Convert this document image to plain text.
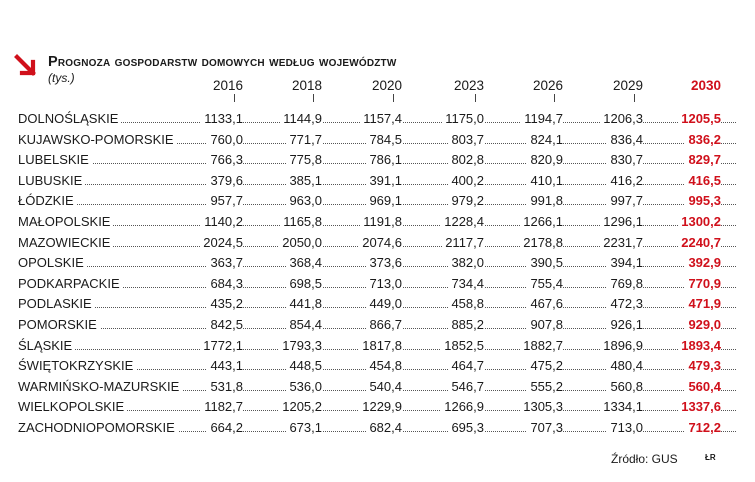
Prognoza gospodarstw domowych według województw
(tys.)	2016	2018	2020	2023	2026	2029	2030
DOLNOŚLĄSKIE	1133,1	1144,9	1157,4	1175,0	1194,7	1206,3	1205,5
KUJAWSKO-POMORSKIE	760,0	771,7	784,5	803,7	824,1	836,4	836,2
LUBELSKIE	766,3	775,8	786,1	802,8	820,9	830,7	829,7
LUBUSKIE	379,6	385,1	391,1	400,2	410,1	416,2	416,5
ŁÓDZKIE	957,7	963,0	969,1	979,2	991,8	997,7	995,3
MAŁOPOLSKIE	1140,2	1165,8	1191,8	1228,4	1266,1	1296,1	1300,2
MAZOWIECKIE	2024,5	2050,0	2074,6	2117,7	2178,8	2231,7	2240,7
OPOLSKIE	363,7	368,4	373,6	382,0	390,5	394,1	392,9
PODKARPACKIE	684,3	698,5	713,0	734,4	755,4	769,8	770,9
PODLASKIE	435,2	441,8	449,0	458,8	467,6	472,3	471,9
POMORSKIE	842,5	854,4	866,7	885,2	907,8	926,1	929,0
ŚLĄSKIE	1772,1	1793,3	1817,8	1852,5	1882,7	1896,9	1893,4
ŚWIĘTOKRZYSKIE	443,1	448,5	454,8	464,7	475,2	480,4	479,3
WARMIŃSKO-MAZURSKIE	531,8	536,0	540,4	546,7	555,2	560,8	560,4
WIELKOPOLSKIE	1182,7	1205,2	1229,9	1266,9	1305,3	1334,1	1337,6
ZACHODNIOPOMORSKIE	664,2	673,1	682,4	695,3	707,3	713,0	712,2
Źródło: GUS	ŁR
